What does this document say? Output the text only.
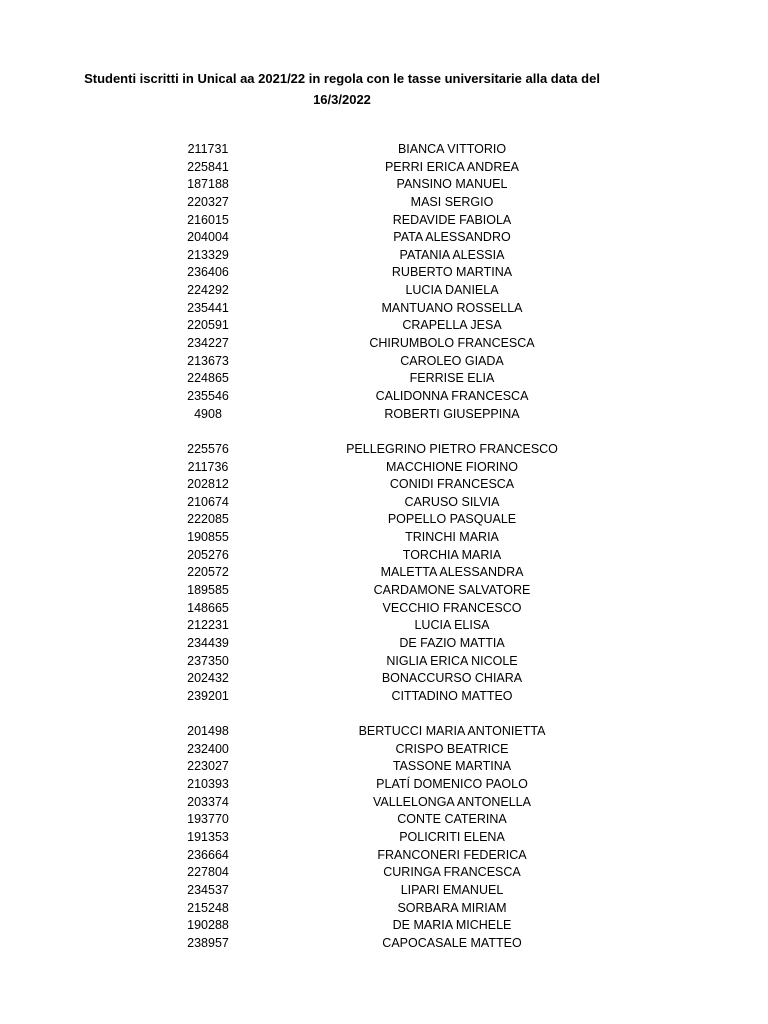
Studenti iscritti in Unical aa 2021/22 in regola con le tasse universitarie alla data del
16/3/2022
211731	BIANCA VITTORIO
225841	PERRI ERICA ANDREA
187188	PANSINO MANUEL
220327	MASI SERGIO
216015	REDAVIDE FABIOLA
204004	PATA ALESSANDRO
213329	PATANIA ALESSIA
236406	RUBERTO MARTINA
224292	LUCIA DANIELA
235441	MANTUANO ROSSELLA
220591	CRAPELLA JESA
234227	CHIRUMBOLO FRANCESCA
213673	CAROLEO GIADA
224865	FERRISE ELIA
235546	CALIDONNA FRANCESCA
4908	ROBERTI GIUSEPPINA
225576	PELLEGRINO PIETRO FRANCESCO
211736	MACCHIONE FIORINO
202812	CONIDI FRANCESCA
210674	CARUSO SILVIA
222085	POPELLO PASQUALE
190855	TRINCHI MARIA
205276	TORCHIA MARIA
220572	MALETTA ALESSANDRA
189585	CARDAMONE SALVATORE
148665	VECCHIO FRANCESCO
212231	LUCIA ELISA
234439	DE FAZIO MATTIA
237350	NIGLIA ERICA NICOLE
202432	BONACCURSO CHIARA
239201	CITTADINO MATTEO
201498	BERTUCCI MARIA ANTONIETTA
232400	CRISPO BEATRICE
223027	TASSONE MARTINA
210393	PLATÍ DOMENICO PAOLO
203374	VALLELONGA ANTONELLA
193770	CONTE CATERINA
191353	POLICRITI ELENA
236664	FRANCONERI FEDERICA
227804	CURINGA FRANCESCA
234537	LIPARI EMANUEL
215248	SORBARA MIRIAM
190288	DE MARIA MICHELE
238957	CAPOCASALE MATTEO
